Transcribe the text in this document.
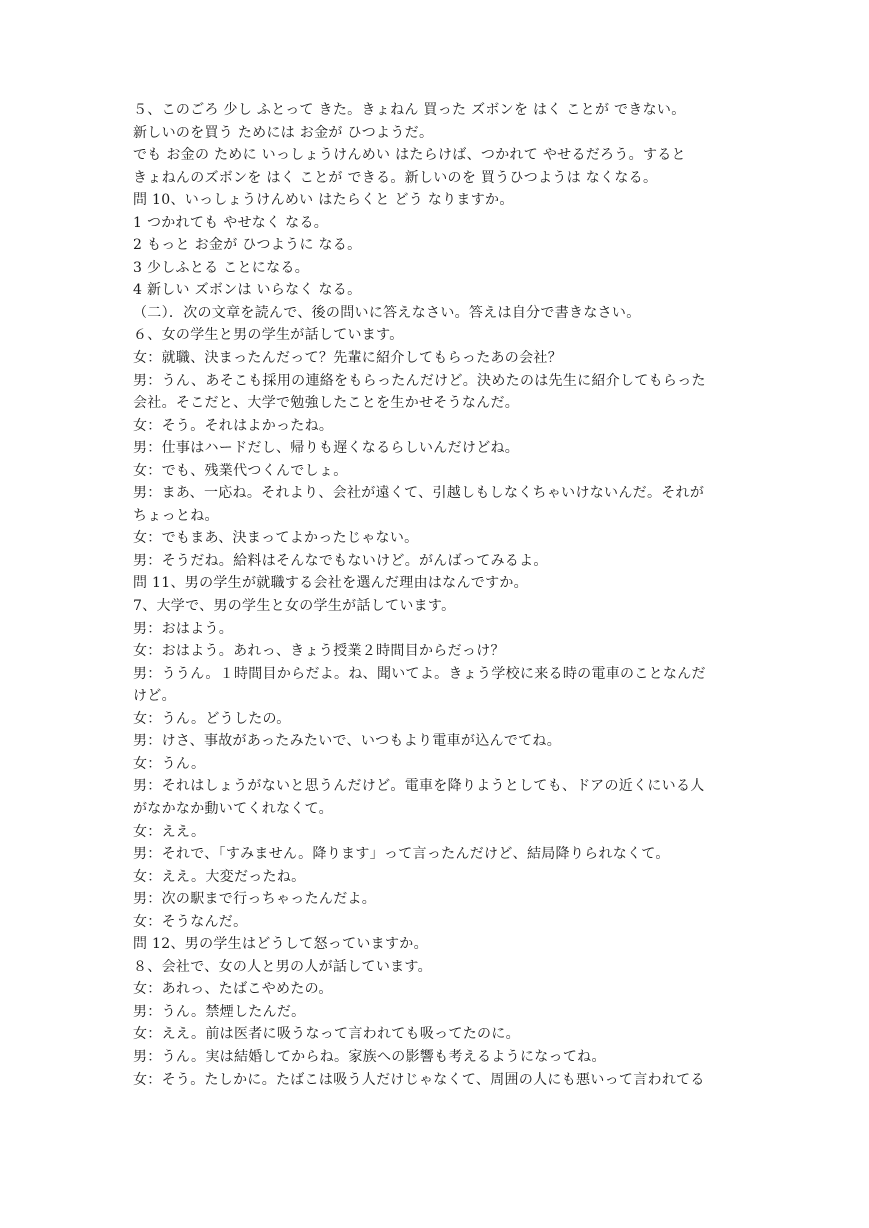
５、このごろ 少し ふとって きた。きょねん 買った ズボンを はく ことが できない。
新しいのを買う ためには お金が ひつようだ。
でも お金の ために いっしょうけんめい はたらけば、つかれて やせるだろう。すると
きょねんのズボンを はく ことが できる。新しいのを 買うひつようは なくなる。
問 10、いっしょうけんめい はたらくと どう なりますか。
1 つかれても やせなく なる。
2 もっと お金が ひつように なる。
3 少しふとる ことになる。
4 新しい ズボンは いらなく なる。
（二）．次の文章を読んで、後の問いに答えなさい。答えは自分で書きなさい。
６、女の学生と男の学生が話しています。
女：就職、決まったんだって？先輩に紹介してもらったあの会社？
男：うん、あそこも採用の連絡をもらったんだけど。決めたのは先生に紹介してもらった
会社。そこだと、大学で勉強したことを生かせそうなんだ。
女：そう。それはよかったね。
男：仕事はハードだし、帰りも遅くなるらしいんだけどね。
女：でも、残業代つくんでしょ。
男：まあ、一応ね。それより、会社が遠くて、引越しもしなくちゃいけないんだ。それが
ちょっとね。
女：でもまあ、決まってよかったじゃない。
男：そうだね。給料はそんなでもないけど。がんばってみるよ。
問 11、男の学生が就職する会社を選んだ理由はなんですか。
7、大学で、男の学生と女の学生が話しています。
男：おはよう。
女：おはよう。あれっ、きょう授業２時間目からだっけ？
男：ううん。１時間目からだよ。ね、聞いてよ。きょう学校に来る時の電車のことなんだ
けど。
女：うん。どうしたの。
男：けさ、事故があったみたいで、いつもより電車が込んでてね。
女：うん。
男：それはしょうがないと思うんだけど。電車を降りようとしても、ドアの近くにいる人
がなかなか動いてくれなくて。
女：ええ。
男：それで、「すみません。降ります」って言ったんだけど、結局降りられなくて。
女：ええ。大変だったね。
男：次の駅まで行っちゃったんだよ。
女：そうなんだ。
問 12、男の学生はどうして怒っていますか。
８、会社で、女の人と男の人が話しています。
女：あれっ、たばこやめたの。
男：うん。禁煙したんだ。
女：ええ。前は医者に吸うなって言われても吸ってたのに。
男：うん。実は結婚してからね。家族への影響も考えるようになってね。
女：そう。たしかに。たばこは吸う人だけじゃなくて、周囲の人にも悪いって言われてる
